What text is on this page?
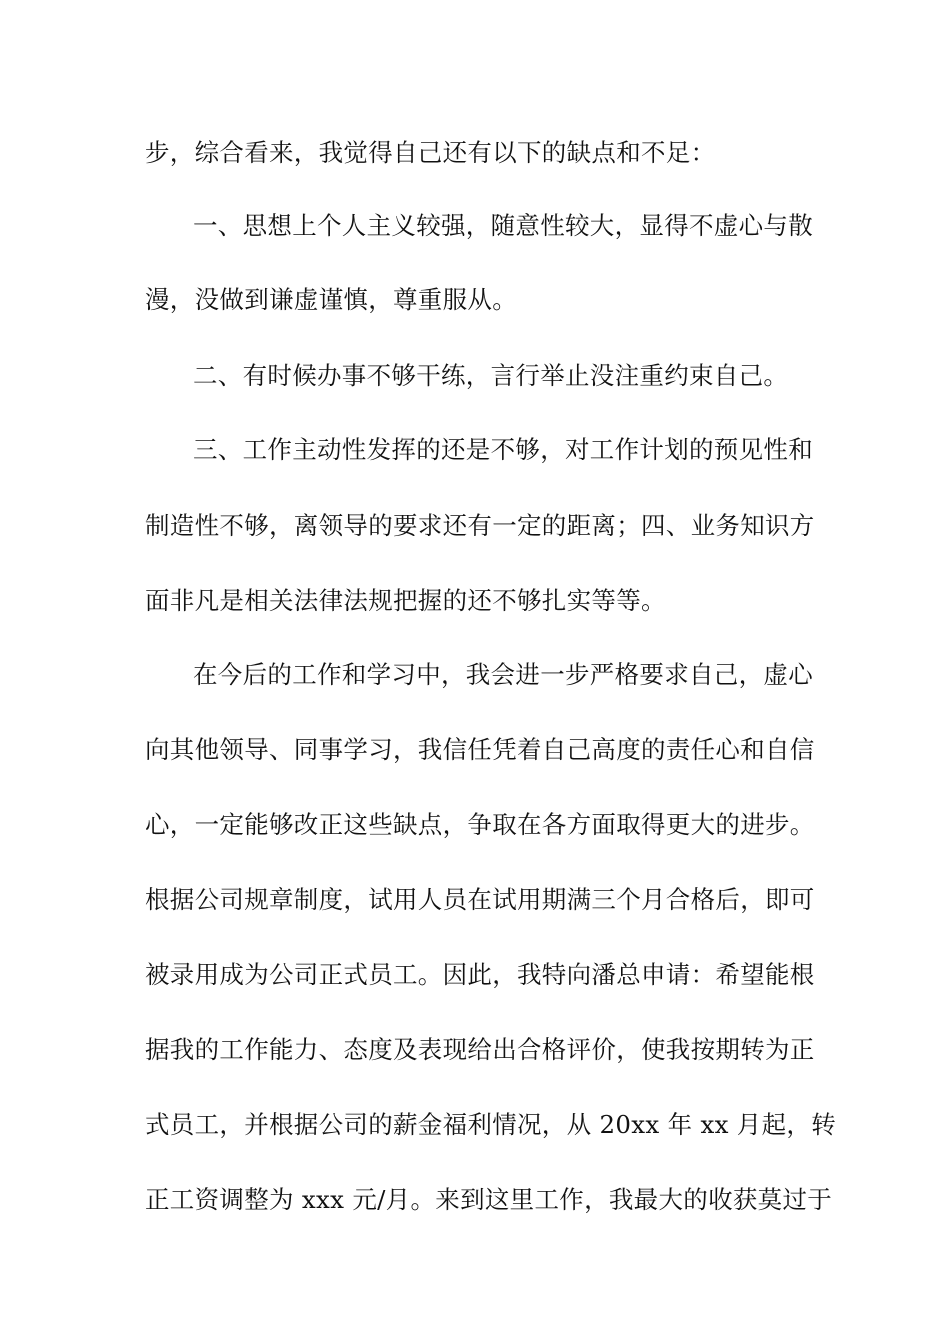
步，综合看来，我觉得自己还有以下的缺点和不足：
一、思想上个人主义较强，随意性较大，显得不虚心与散
漫，没做到谦虚谨慎，尊重服从。
二、有时候办事不够干练，言行举止没注重约束自己。
三、工作主动性发挥的还是不够，对工作计划的预见性和
制造性不够，离领导的要求还有一定的距离；四、业务知识方
面非凡是相关法律法规把握的还不够扎实等等。
在今后的工作和学习中，我会进一步严格要求自己，虚心
向其他领导、同事学习，我信任凭着自己高度的责任心和自信
心，一定能够改正这些缺点，争取在各方面取得更大的进步。
根据公司规章制度，试用人员在试用期满三个月合格后，即可
被录用成为公司正式员工。因此，我特向潘总申请：希望能根
据我的工作能力、态度及表现给出合格评价，使我按期转为正
式员工，并根据公司的薪金福利情况，从 20xx 年 xx 月起，转
正工资调整为 xxx 元/月。来到这里工作，我最大的收获莫过于
